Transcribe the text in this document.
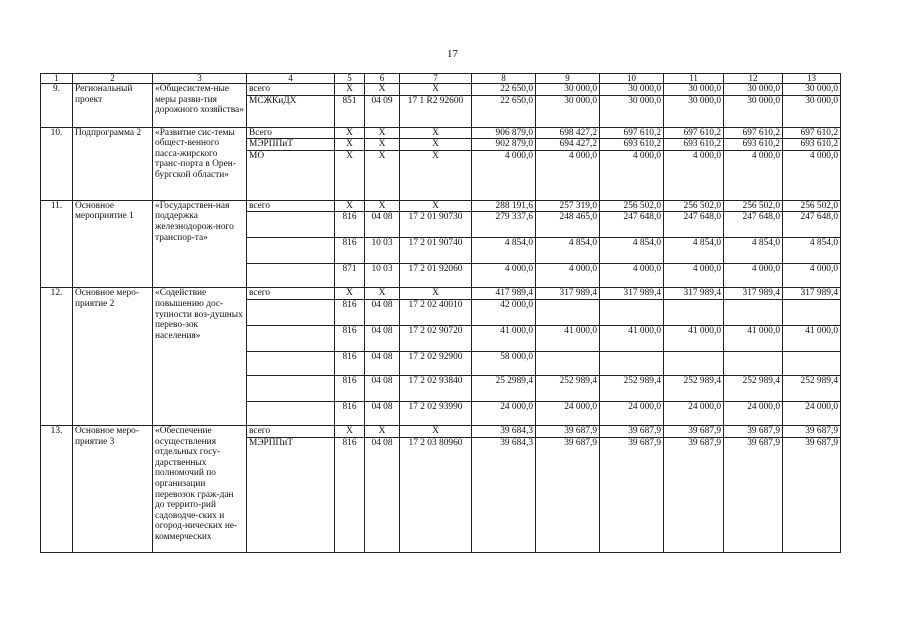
17
1	2	3	4	5	6	7	8	9	10	11	12	13
9.	Региональный проект	«Общесистем-ные меры разви-тия дорожного хозяйства»	всего	X	X	X	22 650,0	30 000,0	30 000,0	30 000,0	30 000,0	30 000,0
			МСЖКиДХ	851	04 09	17 1 R2 92600	22 650,0	30 000,0	30 000,0	30 000,0	30 000,0	30 000,0
10.	Подпрограмма 2	«Развитие сис-темы общест-венного пасса-жирского транс-порта в Орен-бургской области»	Всего	X	X	X	906 879,0	698 427,2	697 610,2	697 610,2	697 610,2	697 610,2
			МЭРППиТ	X	X	X	902 879,0	694 427,2	693 610,2	693 610,2	693 610,2	693 610,2
			МО	X	X	X	4 000,0	4 000,0	4 000,0	4 000,0	4 000,0	4 000,0
11.	Основное мероприятие 1	«Государствен-ная поддержка железнодорож-ного транспор-та»	всего	X	X	X	288 191,6	257 319,0	256 502,0	256 502,0	256 502,0	256 502,0
				816	04 08	17 2 01 90730	279 337,6	248 465,0	247 648,0	247 648,0	247 648,0	247 648,0
				816	10 03	17 2 01 90740	4 854,0	4 854,0	4 854,0	4 854,0	4 854,0	4 854,0
				871	10 03	17 2 01 92060	4 000,0	4 000,0	4 000,0	4 000,0	4 000,0	4 000,0
12.	Основное меро-приятие 2	«Содействие повышению дос-тупности воз-душных перево-зок населения»	всего	X	X	X	417 989,4	317 989,4	317 989,4	317 989,4	317 989,4	317 989,4
				816	04 08	17 2 02 40010	42 000,0					
				816	04 08	17 2 02 90720	41 000,0	41 000,0	41 000,0	41 000,0	41 000,0	41 000,0
				816	04 08	17 2 02 92900	58 000,0					
				816	04 08	17 2 02 93840	25 2989,4	252 989,4	252 989,4	252 989,4	252 989,4	252 989,4
				816	04 08	17 2 02 93990	24 000,0	24 000,0	24 000,0	24 000,0	24 000,0	24 000,0
13.	Основное меро-приятие 3	«Обеспечение осуществления отдельных госу-дарственных полномочий по организации перевозок граж-дан до террито-рий садоводче-ских и огород-нических не-коммерческих	всего	X	X	X	39 684,3	39 687,9	39 687,9	39 687,9	39 687,9	39 687,9
			МЭРППиТ	816	04 08	17 2 03 80960	39 684,3	39 687,9	39 687,9	39 687,9	39 687,9	39 687,9
